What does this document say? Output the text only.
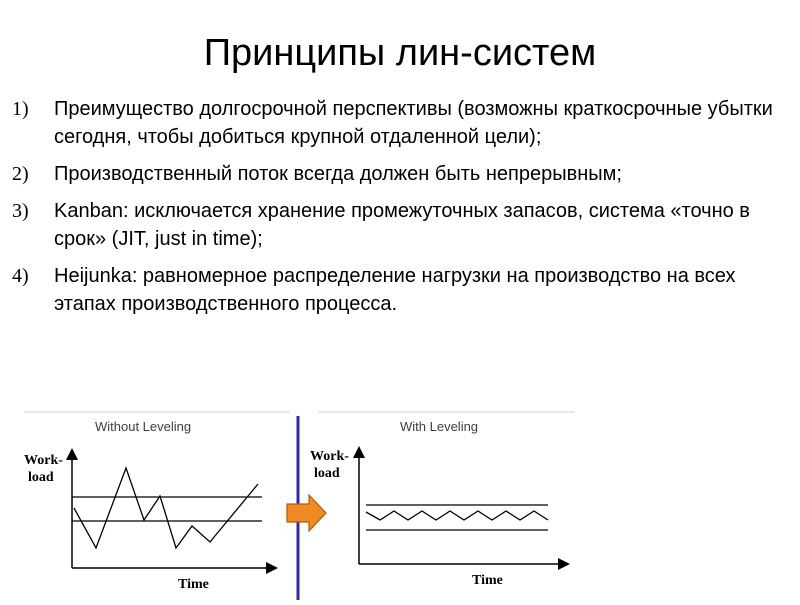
Принципы лин-систем
1)	Преимущество долгосрочной перспективы (возможны краткосрочные убытки сегодня, чтобы добиться крупной отдаленной цели);
2)	Производственный поток всегда должен быть непрерывным;
3)	Kanban: исключается хранение промежуточных запасов, система «точно в срок» (JIT, just in time);
4)	Heijunka: равномерное распределение нагрузки на производство на всех этапах производственного процесса.
Without Leveling
Work-
load
Time
With Leveling
Work-
load
Time
